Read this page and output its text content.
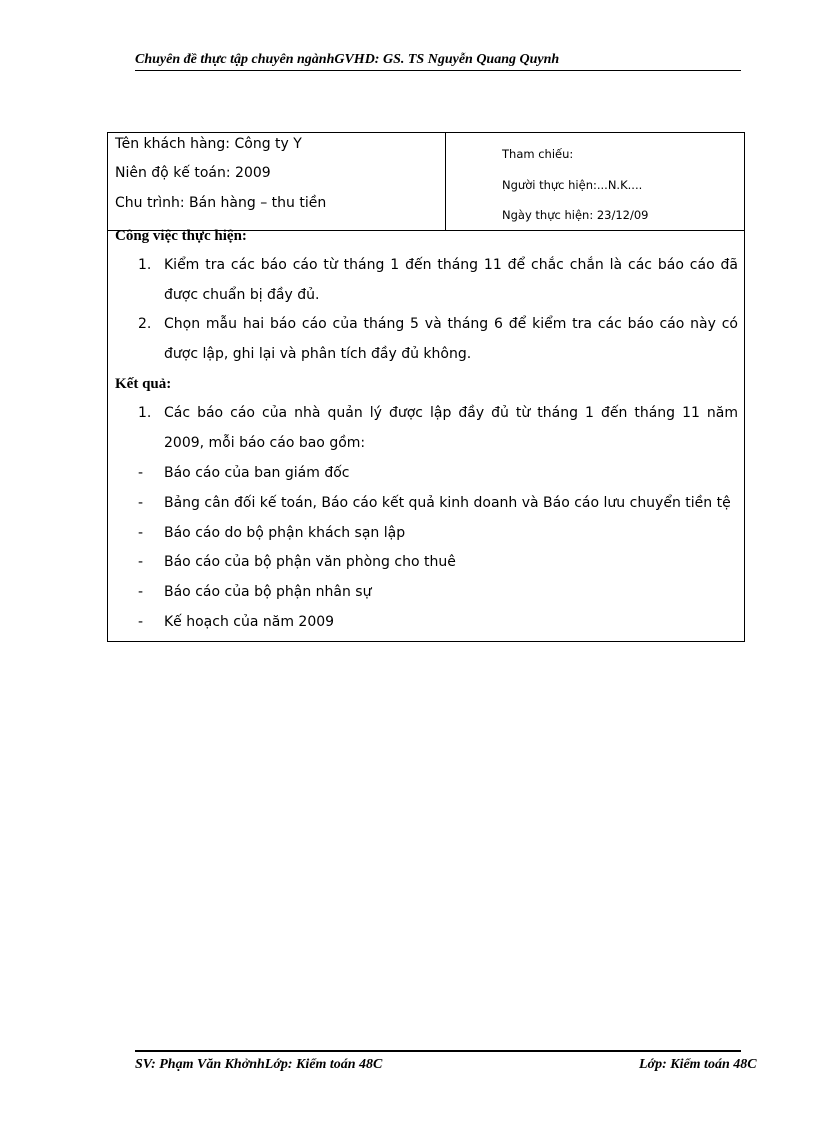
Chuyên đề thực tập chuyên ngànhGVHD: GS. TS Nguyễn Quang Quynh
Tên khách hàng: Công ty Y
Niên độ kế toán: 2009
Chu trình: Bán hàng – thu tiền
Tham chiếu:
Người thực hiện:...N.K....
Ngày thực hiện: 23/12/09
Công việc thực hiện:
1. Kiểm tra các báo cáo từ tháng 1 đến tháng 11 để chắc chắn là các báo cáo đã
được chuẩn bị đầy đủ.
2. Chọn mẫu hai báo cáo của tháng 5 và tháng 6 để kiểm tra các báo cáo này có
được lập, ghi lại và phân tích đầy đủ không.
Kết quả:
1. Các báo cáo của nhà quản lý được lập đầy đủ từ tháng 1 đến tháng 11 năm
2009, mỗi báo cáo bao gồm:
- Báo cáo của ban giám đốc
- Bảng cân đối kế toán, Báo cáo kết quả kinh doanh và Báo cáo lưu chuyển tiền tệ
- Báo cáo do bộ phận khách sạn lập
- Báo cáo của bộ phận văn phòng cho thuê
- Báo cáo của bộ phận nhân sự
- Kế hoạch của năm 2009
SV: Phạm Văn KhởnhLớp: Kiểm toán 48C	Lớp: Kiểm toán 48C
